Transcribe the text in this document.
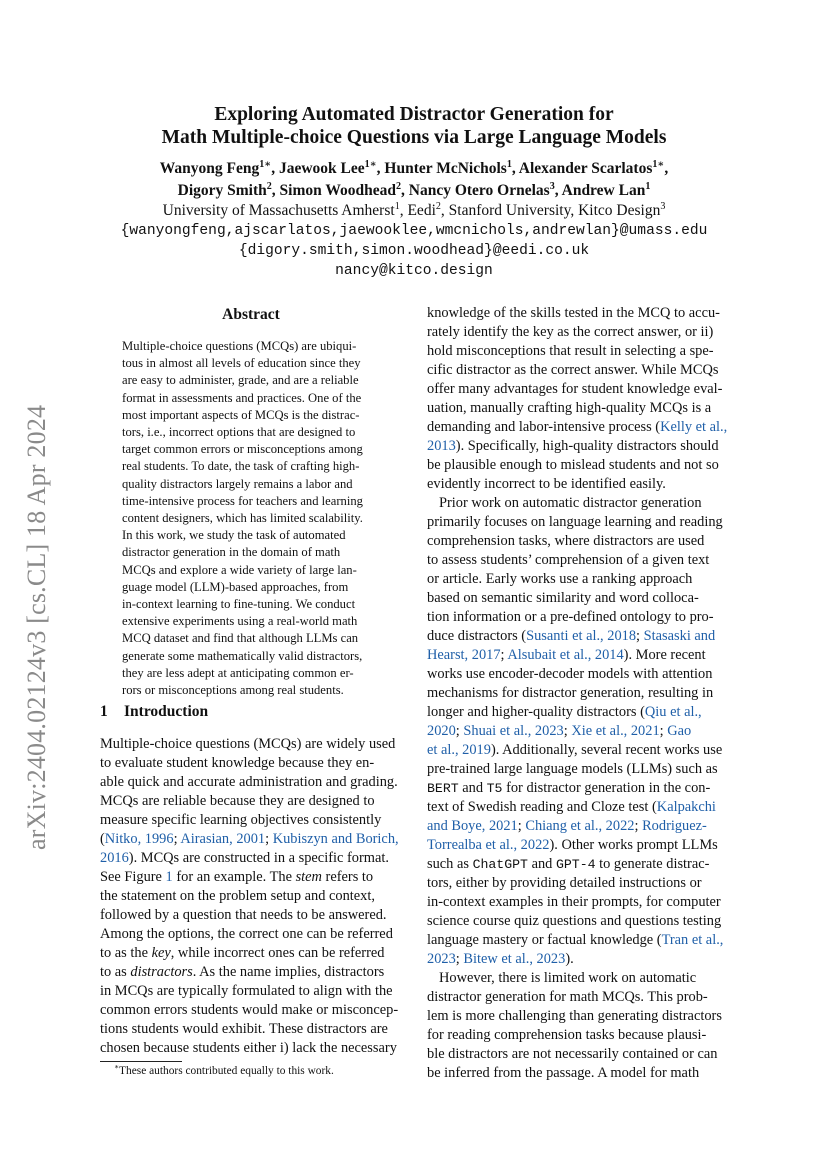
arXiv:2404.02124v3 [cs.CL] 18 Apr 2024
Exploring Automated Distractor Generation for
Math Multiple-choice Questions via Large Language Models
Wanyong Feng$^{1∗}$, Jaewook Lee$^{1∗}$, Hunter McNichols$^1$, Alexander Scarlatos$^{1∗}$,
Digory Smith$^2$, Simon Woodhead$^2$, Nancy Otero Ornelas$^3$, Andrew Lan$^1$
University of Massachusetts Amherst$^1$, Eedi$^2$, Stanford University, Kitco Design$^3$
{wanyongfeng,ajscarlatos,jaewooklee,wmcnichols,andrewlan}@umass.edu
{digory.smith,simon.woodhead}@eedi.co.uk
nancy@kitco.design
Abstract
Multiple-choice questions (MCQs) are ubiqui-
tous in almost all levels of education since they
are easy to administer, grade, and are a reliable
format in assessments and practices. One of the
most important aspects of MCQs is the distrac-
tors, i.e., incorrect options that are designed to
target common errors or misconceptions among
real students. To date, the task of crafting high-
quality distractors largely remains a labor and
time-intensive process for teachers and learning
content designers, which has limited scalability.
In this work, we study the task of automated
distractor generation in the domain of math
MCQs and explore a wide variety of large lan-
guage model (LLM)-based approaches, from
in-context learning to fine-tuning. We conduct
extensive experiments using a real-world math
MCQ dataset and find that although LLMs can
generate some mathematically valid distractors,
they are less adept at anticipating common er-
rors or misconceptions among real students.
1 Introduction
Multiple-choice questions (MCQs) are widely used
to evaluate student knowledge because they en-
able quick and accurate administration and grading.
MCQs are reliable because they are designed to
measure specific learning objectives consistently
(Nitko, 1996; Airasian, 2001; Kubiszyn and Borich,
2016). MCQs are constructed in a specific format.
See Figure 1 for an example. The stem refers to
the statement on the problem setup and context,
followed by a question that needs to be answered.
Among the options, the correct one can be referred
to as the key, while incorrect ones can be referred
to as distractors. As the name implies, distractors
in MCQs are typically formulated to align with the
common errors students would make or misconcep-
tions students would exhibit. These distractors are
chosen because students either i) lack the necessary
knowledge of the skills tested in the MCQ to accu-
rately identify the key as the correct answer, or ii)
hold misconceptions that result in selecting a spe-
cific distractor as the correct answer. While MCQs
offer many advantages for student knowledge eval-
uation, manually crafting high-quality MCQs is a
demanding and labor-intensive process (Kelly et al.,
2013). Specifically, high-quality distractors should
be plausible enough to mislead students and not so
evidently incorrect to be identified easily.
Prior work on automatic distractor generation
primarily focuses on language learning and reading
comprehension tasks, where distractors are used
to assess students’ comprehension of a given text
or article. Early works use a ranking approach
based on semantic similarity and word colloca-
tion information or a pre-defined ontology to pro-
duce distractors (Susanti et al., 2018; Stasaski and
Hearst, 2017; Alsubait et al., 2014). More recent
works use encoder-decoder models with attention
mechanisms for distractor generation, resulting in
longer and higher-quality distractors (Qiu et al.,
2020; Shuai et al., 2023; Xie et al., 2021; Gao
et al., 2019). Additionally, several recent works use
pre-trained large language models (LLMs) such as
BERT and T5 for distractor generation in the con-
text of Swedish reading and Cloze test (Kalpakchi
and Boye, 2021; Chiang et al., 2022; Rodriguez-
Torrealba et al., 2022). Other works prompt LLMs
such as ChatGPT and GPT-4 to generate distrac-
tors, either by providing detailed instructions or
in-context examples in their prompts, for computer
science course quiz questions and questions testing
language mastery or factual knowledge (Tran et al.,
2023; Bitew et al., 2023).
However, there is limited work on automatic
distractor generation for math MCQs. This prob-
lem is more challenging than generating distractors
for reading comprehension tasks because plausi-
ble distractors are not necessarily contained or can
be inferred from the passage. A model for math
∗These authors contributed equally to this work.
